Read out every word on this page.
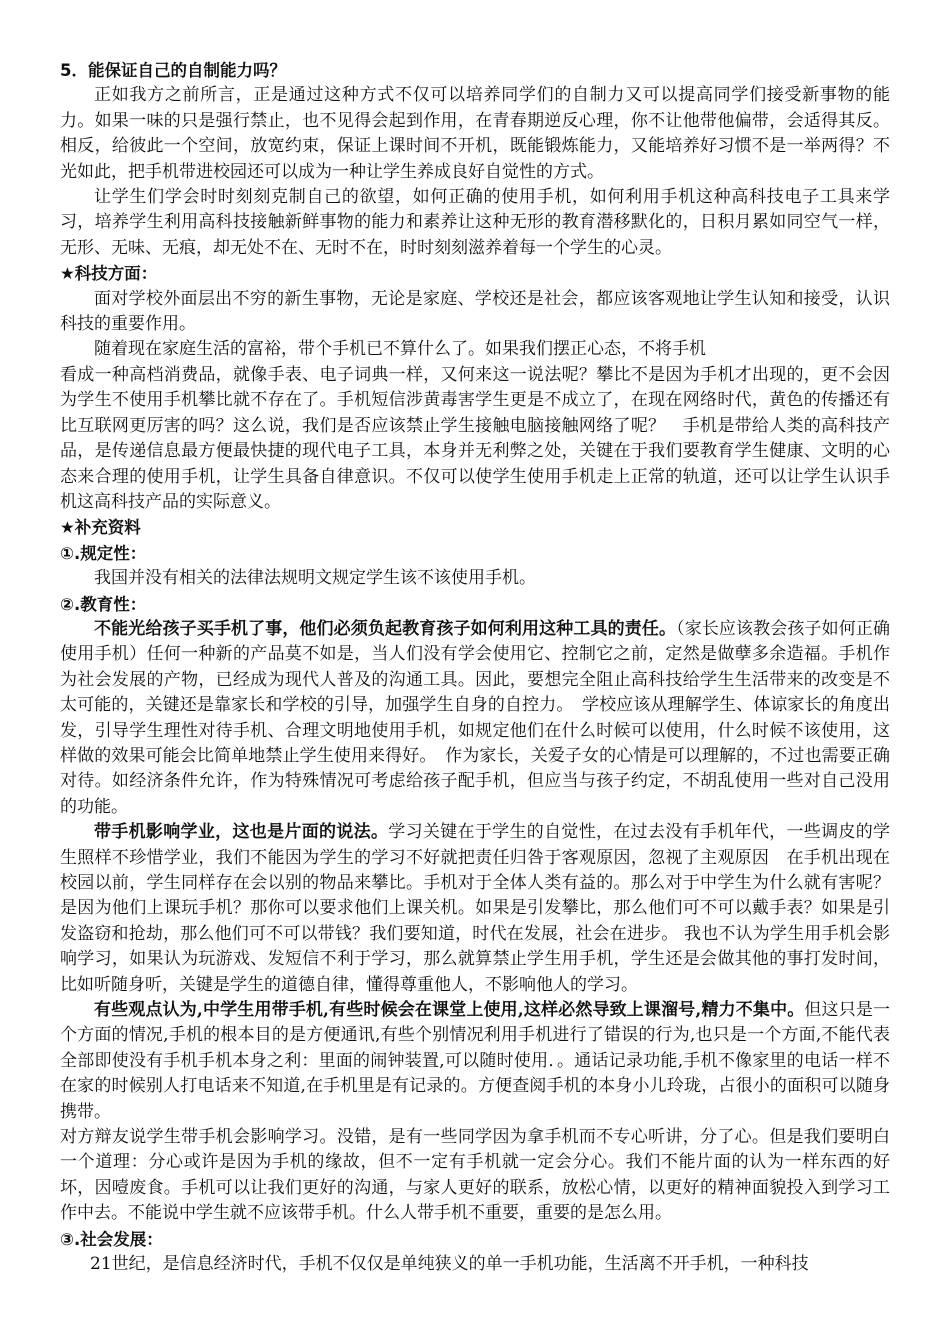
5．能保证自己的自制能力吗？

正如我方之前所言，正是通过这种方式不仅可以培养同学们的自制力又可以提高同学们接受新事物的能力。如果一味的只是强行禁止，也不见得会起到作用，在青春期逆反心理，你不让他带他偏带，会适得其反。相反，给彼此一个空间，放宽约束，保证上课时间不开机，既能锻炼能力，又能培养好习惯不是一举两得？不光如此，把手机带进校园还可以成为一种让学生养成良好自觉性的方式。

让学生们学会时时刻刻克制自己的欲望，如何正确的使用手机，如何利用手机这种高科技电子工具来学习，培养学生利用高科技接触新鲜事物的能力和素养让这种无形的教育潜移默化的，日积月累如同空气一样，无形、无味、无痕，却无处不在、无时不在，时时刻刻滋养着每一个学生的心灵。

★科技方面：

面对学校外面层出不穷的新生事物，无论是家庭、学校还是社会，都应该客观地让学生认知和接受，认识科技的重要作用。

随着现在家庭生活的富裕，带个手机已不算什么了。如果我们摆正心态，不将手机

看成一种高档消费品，就像手表、电子词典一样，又何来这一说法呢？攀比不是因为手机才出现的，更不会因为学生不使用手机攀比就不存在了。手机短信涉黄毒害学生更是不成立了，在现在网络时代，黄色的传播还有比互联网更厉害的吗？这么说，我们是否应该禁止学生接触电脑接触网络了呢？　手机是带给人类的高科技产品，是传递信息最方便最快捷的现代电子工具，本身并无利弊之处，关键在于我们要教育学生健康、文明的心态来合理的使用手机，让学生具备自律意识。不仅可以使学生使用手机走上正常的轨道，还可以让学生认识手机这高科技产品的实际意义。

★补充资料
①.规定性：

我国并没有相关的法律法规明文规定学生该不该使用手机。

②.教育性：

不能光给孩子买手机了事，他们必须负起教育孩子如何利用这种工具的责任。（家长应该教会孩子如何正确使用手机）任何一种新的产品莫不如是，当人们没有学会使用它、控制它之前，定然是做孽多余造福。手机作为社会发展的产物，已经成为现代人普及的沟通工具。因此，要想完全阻止高科技给学生生活带来的改变是不太可能的，关键还是靠家长和学校的引导，加强学生自身的自控力。　学校应该从理解学生、体谅家长的角度出发，引导学生理性对待手机、合理文明地使用手机，如规定他们在什么时候可以使用，什么时候不该使用，这样做的效果可能会比简单地禁止学生使用来得好。　作为家长，关爱子女的心情是可以理解的，不过也需要正确对待。如经济条件允许，作为特殊情况可考虑给孩子配手机，但应当与孩子约定，不胡乱使用一些对自己没用的功能。

带手机影响学业，这也是片面的说法。学习关键在于学生的自觉性，在过去没有手机年代，一些调皮的学生照样不珍惜学业，我们不能因为学生的学习不好就把责任归咎于客观原因，忽视了主观原因　在手机出现在校园以前，学生同样存在会以别的物品来攀比。手机对于全体人类有益的。那么对于中学生为什么就有害呢？是因为他们上课玩手机？那你可以要求他们上课关机。如果是引发攀比，那么他们可不可以戴手表？如果是引发盗窃和抢劫，那么他们可不可以带钱？我们要知道，时代在发展，社会在进步。 我也不认为学生用手机会影响学习，如果认为玩游戏、发短信不利于学习，那么就算禁止学生用手机，学生还是会做其他的事打发时间，比如听随身听，关键是学生的道德自律，懂得尊重他人，不影响他人的学习。

有些观点认为,中学生用带手机,有些时候会在课堂上使用,这样必然导致上课溜号,精力不集中。但这只是一个方面的情况,手机的根本目的是方便通讯,有些个别情况利用手机进行了错误的行为,也只是一个方面,不能代表全部即使没有手机手机本身之利：里面的闹钟装置,可以随时使用．。通话记录功能,手机不像家里的电话一样不在家的时候别人打电话来不知道,在手机里是有记录的。方便查阅手机的本身小儿玲珑，占很小的面积可以随身携带。

对方辩友说学生带手机会影响学习。没错，是有一些同学因为拿手机而不专心听讲，分了心。但是我们要明白一个道理：分心或许是因为手机的缘故，但不一定有手机就一定会分心。我们不能片面的认为一样东西的好坏，因噎废食。手机可以让我们更好的沟通，与家人更好的联系，放松心情，以更好的精神面貌投入到学习工作中去。不能说中学生就不应该带手机。什么人带手机不重要，重要的是怎么用。

③.社会发展：

21世纪，是信息经济时代，手机不仅仅是单纯狭义的单一手机功能，生活离不开手机，一种科技
